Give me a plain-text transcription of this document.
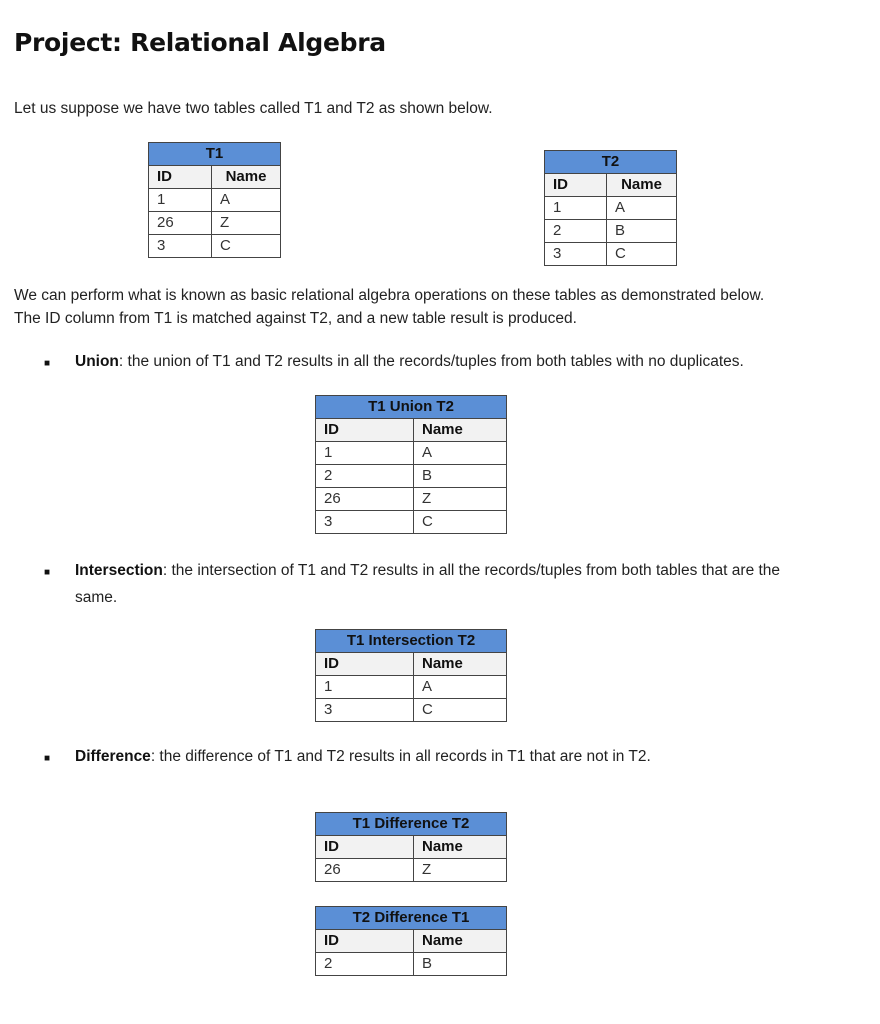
Project: Relational Algebra

Let us suppose we have two tables called T1 and T2 as shown below.

T1	
ID	Name
1	A
26	Z
3	C
T2	
ID	Name
1	A
2	B
3	C

We can perform what is known as basic relational algebra operations on these tables as demonstrated below.

The ID column from T1 is matched against T2, and a new table result is produced.

■	Union: the union of T1 and T2 results in all the records/tuples from both tables with no duplicates.

T1 Union T2	
ID	Name
1	A
2	B
26	Z
3	C
■	Intersection: the intersection of T1 and T2 results in all the records/tuples from both tables that are the
same.

T1 Intersection T2	
ID	Name
1	A
3	C
■	Difference: the difference of T1 and T2 results in all records in T1 that are not in T2.

T1 Difference T2	
ID	Name
26	Z
T2 Difference T1	
ID	Name
2	B
